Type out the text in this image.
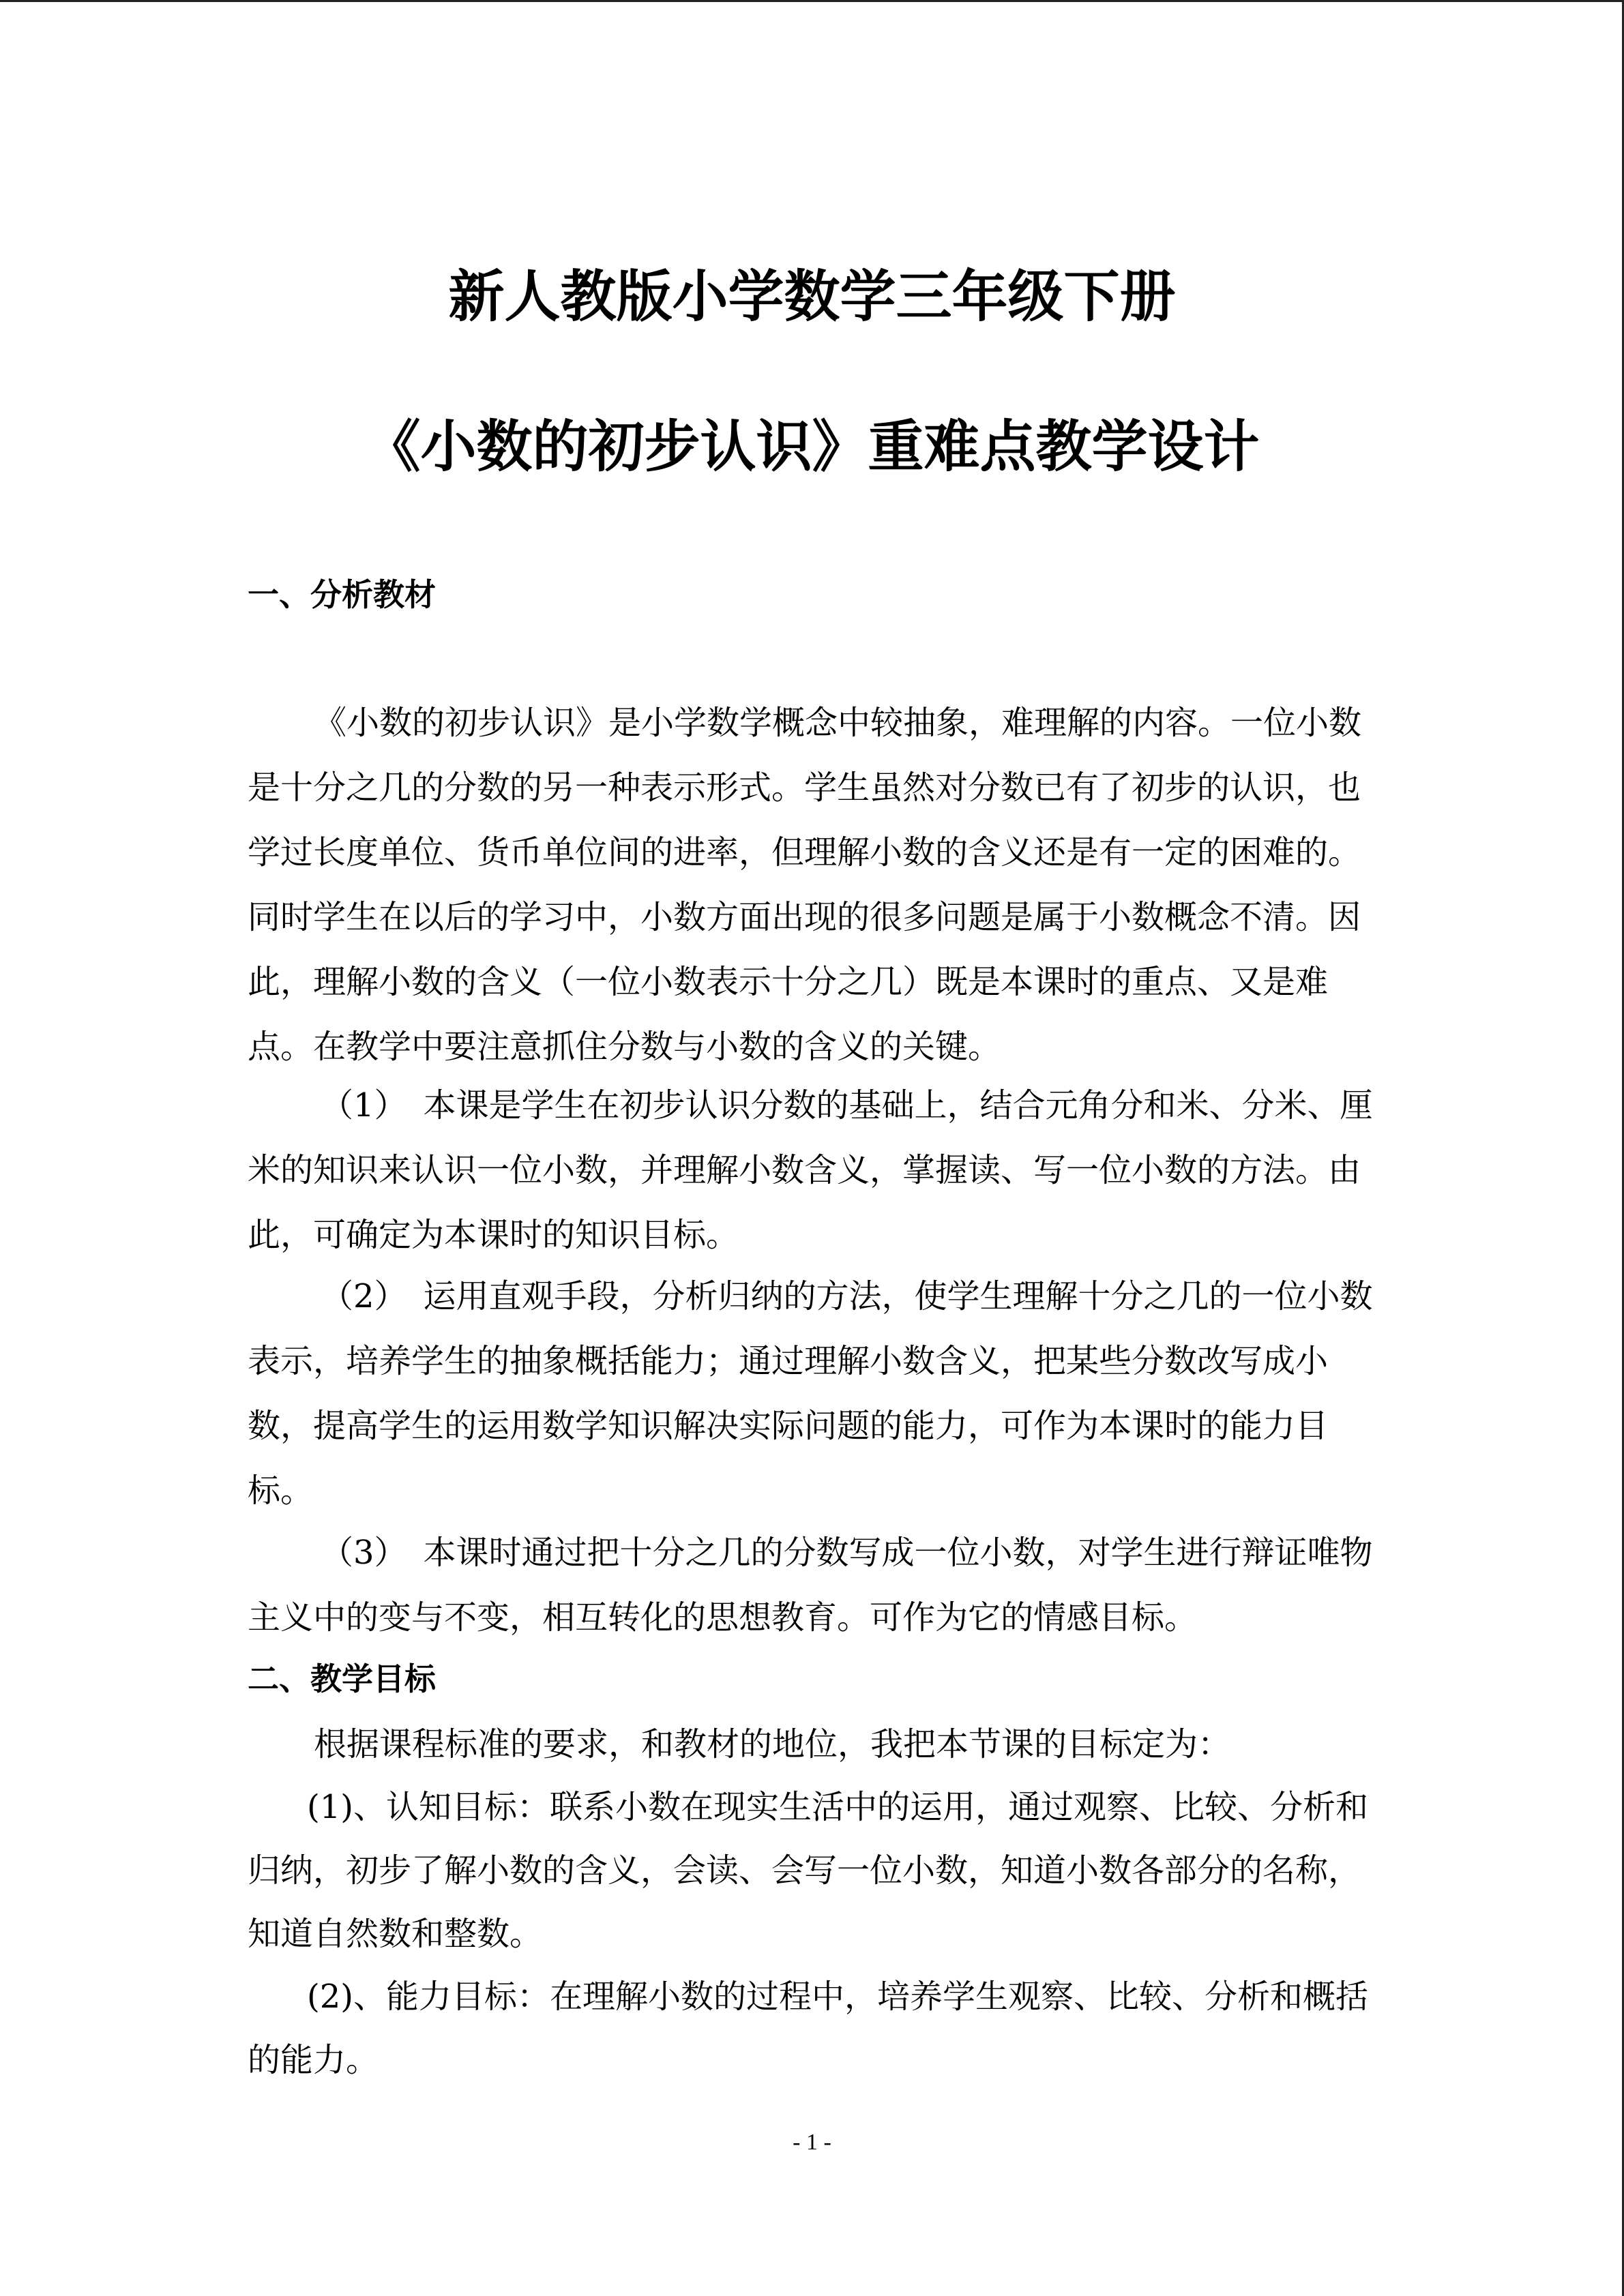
新人教版小学数学三年级下册
《小数的初步认识》重难点教学设计
一、分析教材
《小数的初步认识》是小学数学概念中较抽象，难理解的内容。一位小数
是十分之几的分数的另一种表示形式。学生虽然对分数已有了初步的认识，也
学过长度单位、货币单位间的进率，但理解小数的含义还是有一定的困难的。
同时学生在以后的学习中，小数方面出现的很多问题是属于小数概念不清。因
此，理解小数的含义（一位小数表示十分之几）既是本课时的重点、又是难
点。在教学中要注意抓住分数与小数的含义的关键。
（1）　本课是学生在初步认识分数的基础上，结合元角分和米、分米、厘
米的知识来认识一位小数，并理解小数含义，掌握读、写一位小数的方法。由
此，可确定为本课时的知识目标。
（2）　运用直观手段，分析归纳的方法，使学生理解十分之几的一位小数
表示，培养学生的抽象概括能力；通过理解小数含义，把某些分数改写成小
数，提高学生的运用数学知识解决实际问题的能力，可作为本课时的能力目
标。
（3）　本课时通过把十分之几的分数写成一位小数，对学生进行辩证唯物
主义中的变与不变，相互转化的思想教育。可作为它的情感目标。
二、教学目标
根据课程标准的要求，和教材的地位，我把本节课的目标定为：
(1)、认知目标：联系小数在现实生活中的运用，通过观察、比较、分析和
归纳，初步了解小数的含义，会读、会写一位小数，知道小数各部分的名称，
知道自然数和整数。
(2)、能力目标：在理解小数的过程中，培养学生观察、比较、分析和概括
的能力。
- 1 -
